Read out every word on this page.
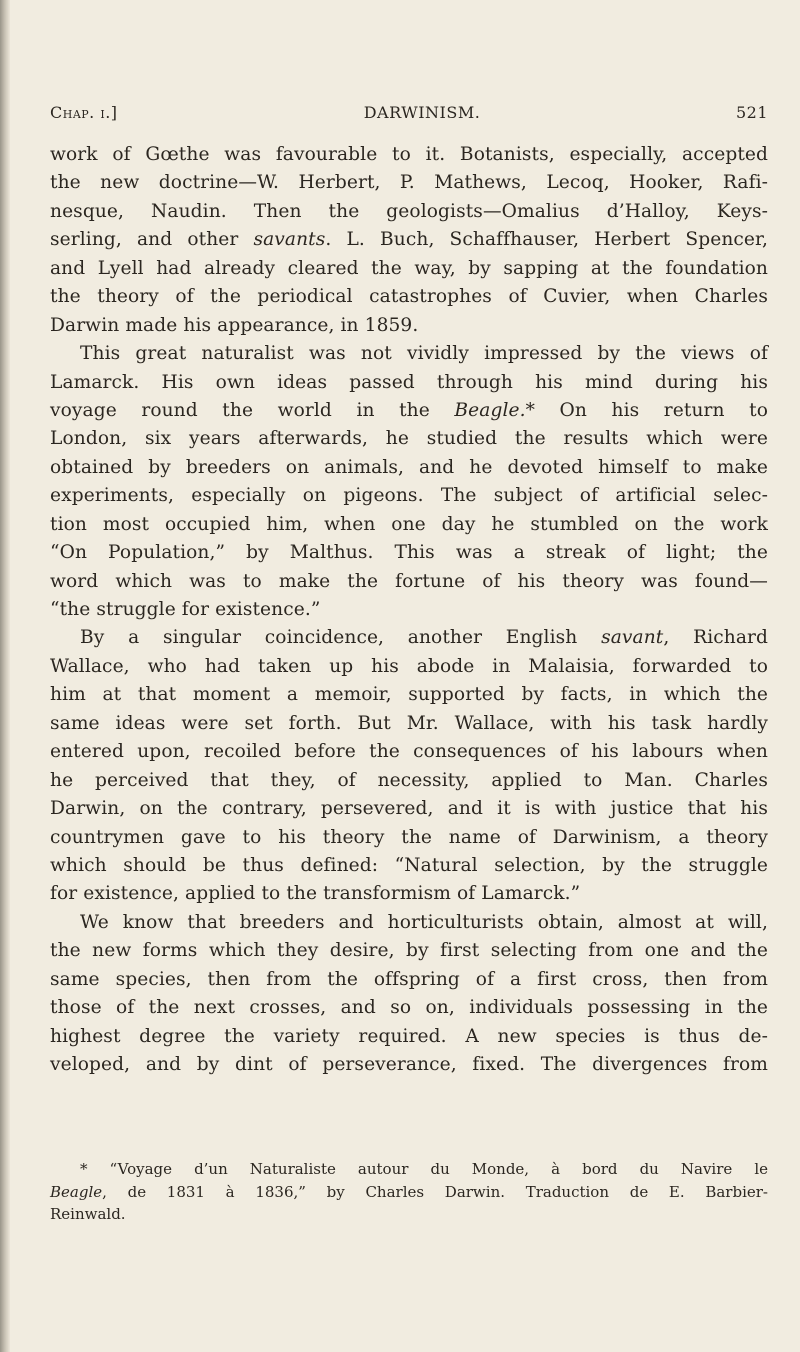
Chap. i.]	DARWINISM.	521
work of Gœthe was favourable to it. Botanists, especially, accepted
the new doctrine—W. Herbert, P. Mathews, Lecoq, Hooker, Rafi-
nesque, Naudin. Then the geologists—Omalius d’Halloy, Keys-
serling, and other savants. L. Buch, Schaffhauser, Herbert Spencer,
and Lyell had already cleared the way, by sapping at the foundation
the theory of the periodical catastrophes of Cuvier, when Charles
Darwin made his appearance, in 1859.
This great naturalist was not vividly impressed by the views of
Lamarck. His own ideas passed through his mind during his
voyage round the world in the Beagle.* On his return to
London, six years afterwards, he studied the results which were
obtained by breeders on animals, and he devoted himself to make
experiments, especially on pigeons. The subject of artificial selec-
tion most occupied him, when one day he stumbled on the work
“On Population,” by Malthus. This was a streak of light; the
word which was to make the fortune of his theory was found—
“the struggle for existence.”
By a singular coincidence, another English savant, Richard
Wallace, who had taken up his abode in Malaisia, forwarded to
him at that moment a memoir, supported by facts, in which the
same ideas were set forth. But Mr. Wallace, with his task hardly
entered upon, recoiled before the consequences of his labours when
he perceived that they, of necessity, applied to Man. Charles
Darwin, on the contrary, persevered, and it is with justice that his
countrymen gave to his theory the name of Darwinism, a theory
which should be thus defined: “Natural selection, by the struggle
for existence, applied to the transformism of Lamarck.”
We know that breeders and horticulturists obtain, almost at will,
the new forms which they desire, by first selecting from one and the
same species, then from the offspring of a first cross, then from
those of the next crosses, and so on, individuals possessing in the
highest degree the variety required. A new species is thus de-
veloped, and by dint of perseverance, fixed. The divergences from
* “Voyage d’un Naturaliste autour du Monde, à bord du Navire le
Beagle, de 1831 à 1836,” by Charles Darwin. Traduction de E. Barbier-
Reinwald.
